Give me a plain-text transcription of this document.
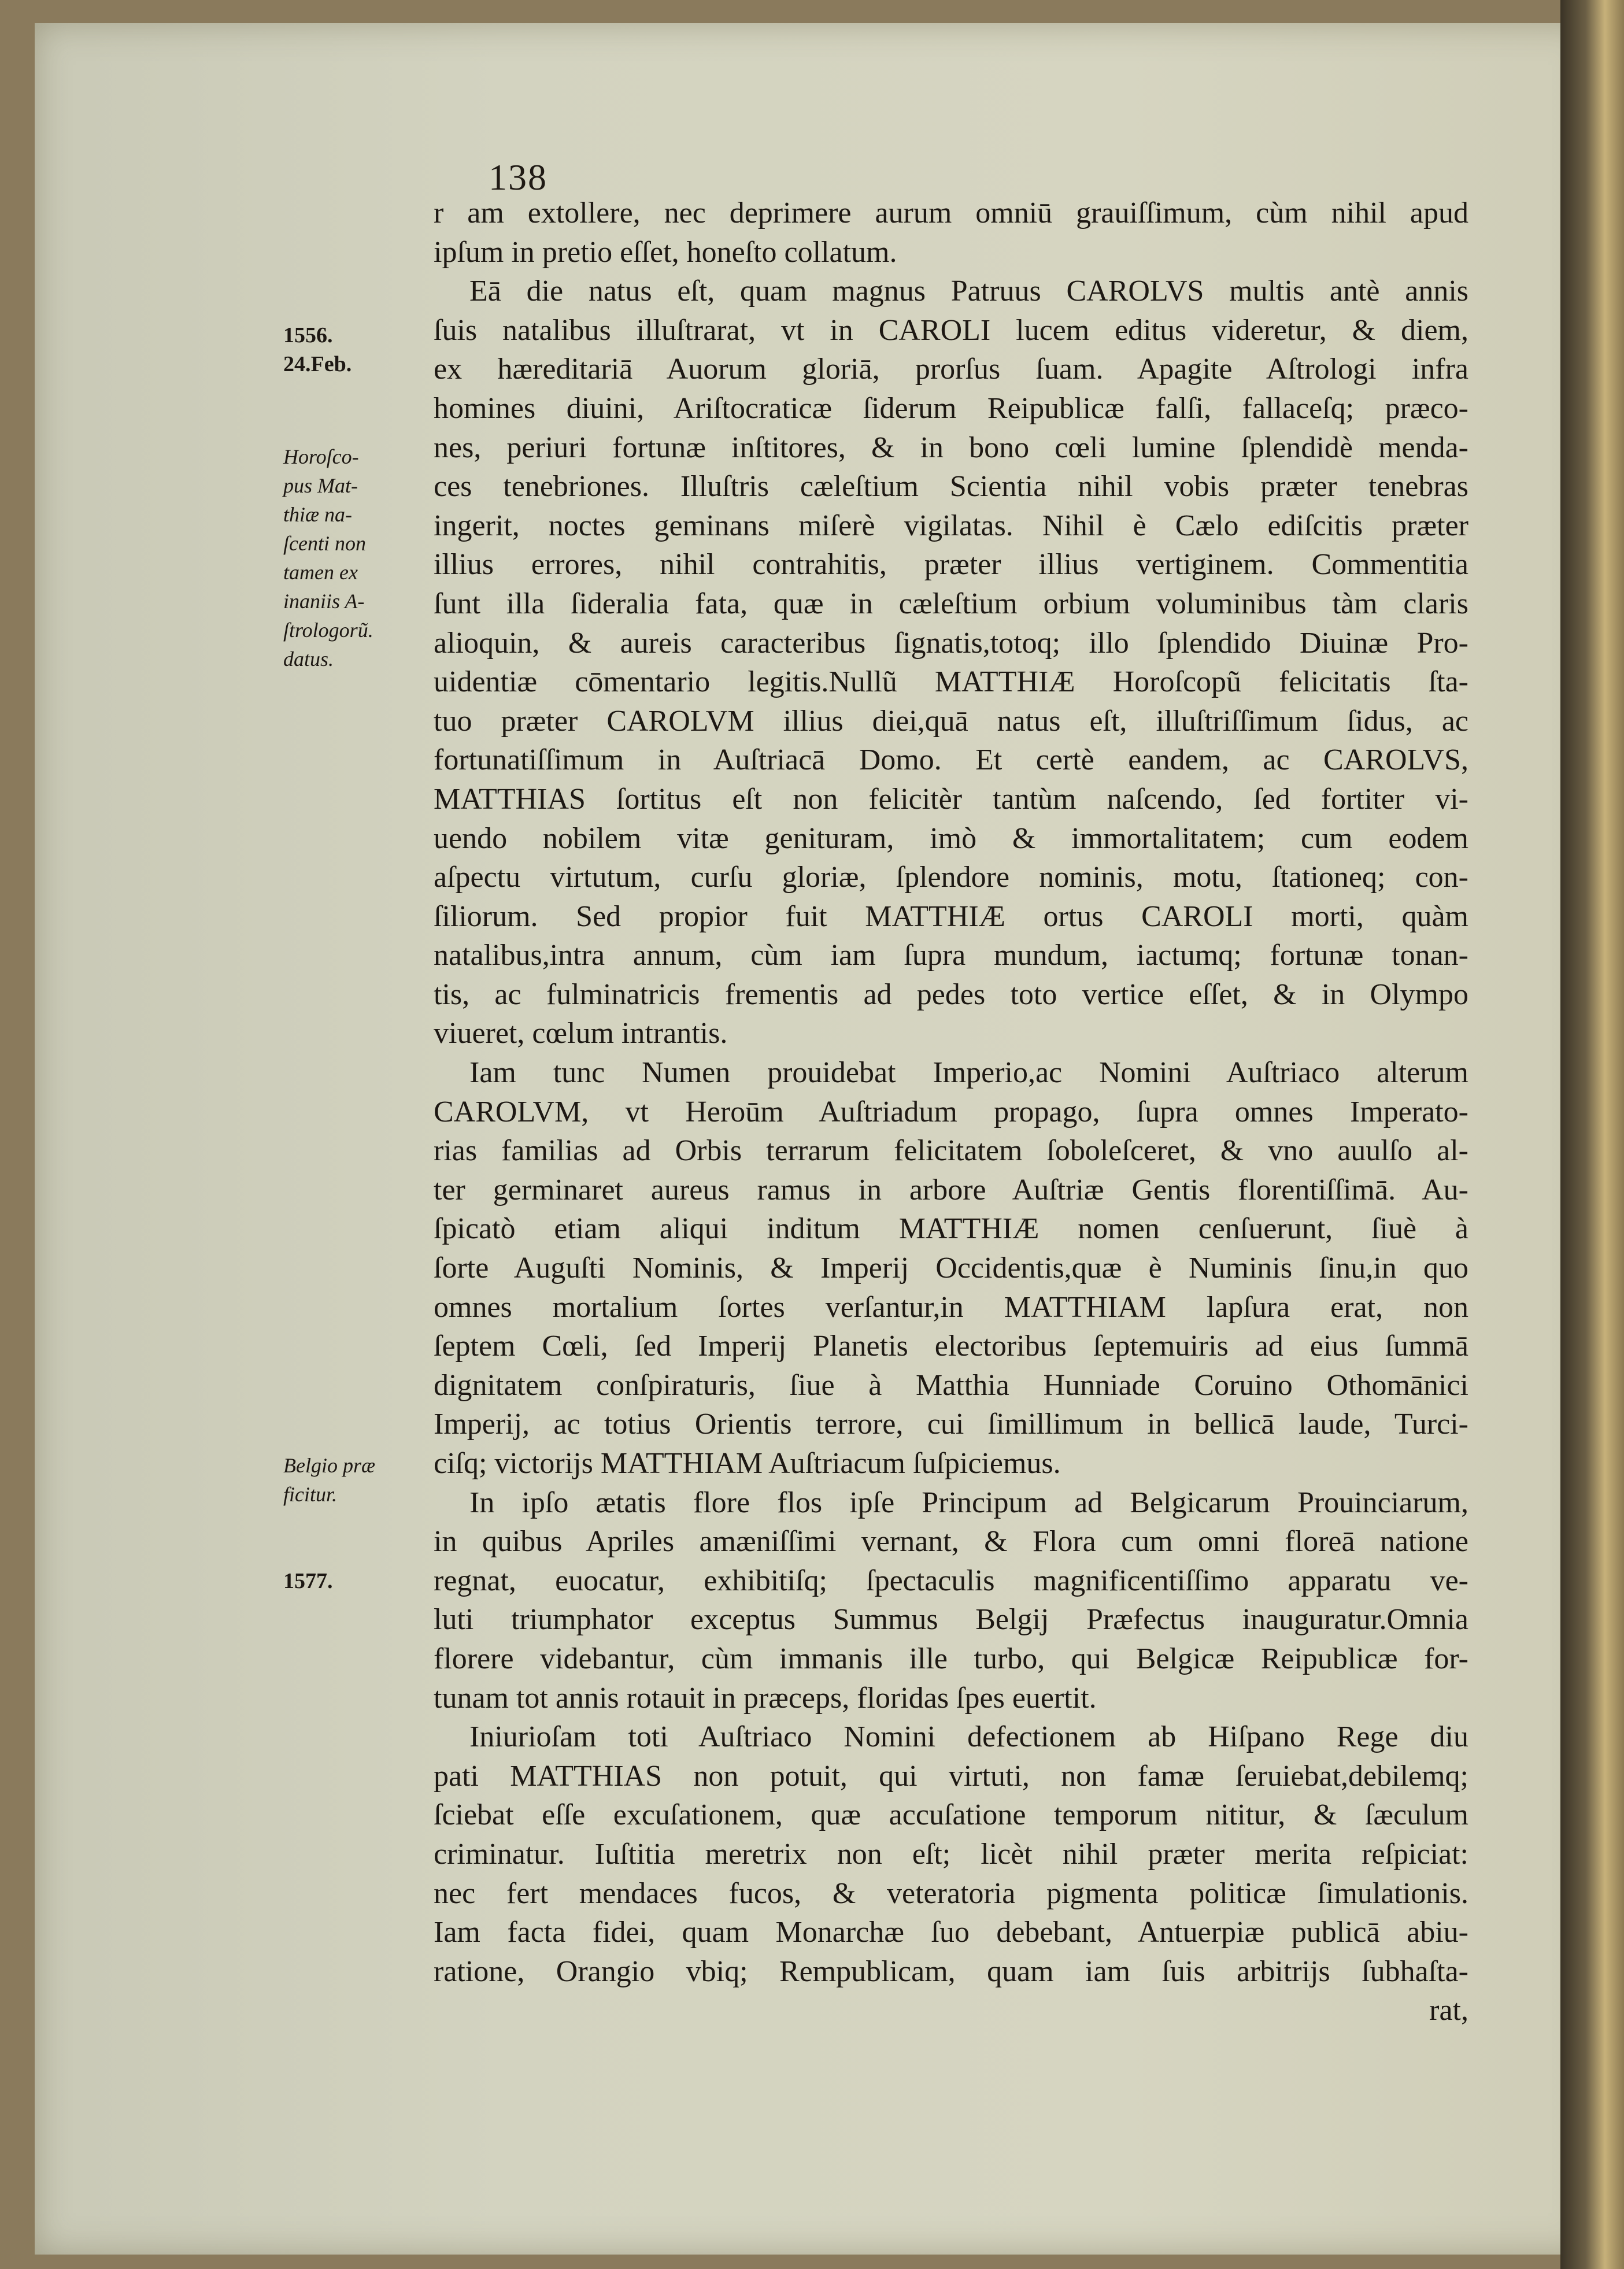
138
1556.
24.Feb.
Horoſco-
pus Mat-
thiæ na-
ſcenti non
tamen ex
inaniis A-
ſtrologorũ.
datus.
Belgio præ
ficitur.
1577.
r am extollere, nec deprimere aurum omniū grauiſſimum, cùm nihil apud
ipſum in pretio eſſet, honeſto collatum.
Eā die natus eſt, quam magnus Patruus CAROLVS multis antè annis
ſuis natalibus illuſtrarat, vt in CAROLI lucem editus videretur, & diem,
ex hæreditariā Auorum gloriā, prorſus ſuam. Apagite Aſtrologi infra
homines diuini, Ariſtocraticæ ſiderum Reipublicæ falſi, fallaceſq; præco-
nes, periuri fortunæ inſtitores, & in bono cœli lumine ſplendidè menda-
ces tenebriones. Illuſtris cæleſtium Scientia nihil vobis præter tenebras
ingerit, noctes geminans miſerè vigilatas. Nihil è Cælo ediſcitis præter
illius errores, nihil contrahitis, præter illius vertiginem. Commentitia
ſunt illa ſideralia fata, quæ in cæleſtium orbium voluminibus tàm claris
alioquin, & aureis caracteribus ſignatis,totoq; illo ſplendido Diuinæ Pro-
uidentiæ cōmentario legitis.Nullũ MATTHIÆ Horoſcopũ felicitatis ſta-
tuo præter CAROLVM illius diei,quā natus eſt, illuſtriſſimum ſidus, ac
fortunatiſſimum in Auſtriacā Domo. Et certè eandem, ac CAROLVS,
MATTHIAS ſortitus eſt non felicitèr tantùm naſcendo, ſed fortiter vi-
uendo nobilem vitæ genituram, imò & immortalitatem; cum eodem
aſpectu virtutum, curſu gloriæ, ſplendore nominis, motu, ſtationeq; con-
ſiliorum. Sed propior fuit MATTHIÆ ortus CAROLI morti, quàm
natalibus,intra annum, cùm iam ſupra mundum, iactumq; fortunæ tonan-
tis, ac fulminatricis frementis ad pedes toto vertice eſſet, & in Olympo
viueret, cœlum intrantis.
Iam tunc Numen prouidebat Imperio,ac Nomini Auſtriaco alterum
CAROLVM, vt Heroūm Auſtriadum propago, ſupra omnes Imperato-
rias familias ad Orbis terrarum felicitatem ſoboleſceret, & vno auulſo al-
ter germinaret aureus ramus in arbore Auſtriæ Gentis florentiſſimā. Au-
ſpicatò etiam aliqui inditum MATTHIÆ nomen cenſuerunt, ſiuè à
ſorte Auguſti Nominis, & Imperij Occidentis,quæ è Numinis ſinu,in quo
omnes mortalium ſortes verſantur,in MATTHIAM lapſura erat, non
ſeptem Cœli, ſed Imperij Planetis electoribus ſeptemuiris ad eius ſummā
dignitatem conſpiraturis, ſiue à Matthia Hunniade Coruino Othomānici
Imperij, ac totius Orientis terrore, cui ſimillimum in bellicā laude, Turci-
ciſq; victorijs MATTHIAM Auſtriacum ſuſpiciemus.
In ipſo ætatis flore flos ipſe Principum ad Belgicarum Prouinciarum,
in quibus Apriles amæniſſimi vernant, & Flora cum omni floreā natione
regnat, euocatur, exhibitiſq; ſpectaculis magnificentiſſimo apparatu ve-
luti triumphator exceptus Summus Belgij Præfectus inauguratur.Omnia
florere videbantur, cùm immanis ille turbo, qui Belgicæ Reipublicæ for-
tunam tot annis rotauit in præceps, floridas ſpes euertit.
Iniurioſam toti Auſtriaco Nomini defectionem ab Hiſpano Rege diu
pati MATTHIAS non potuit, qui virtuti, non famæ ſeruiebat,debilemq;
ſciebat eſſe excuſationem, quæ accuſatione temporum nititur, & ſæculum
criminatur. Iuſtitia meretrix non eſt; licèt nihil præter merita reſpiciat:
nec fert mendaces fucos, & veteratoria pigmenta politicæ ſimulationis.
Iam facta fidei, quam Monarchæ ſuo debebant, Antuerpiæ publicā abiu-
ratione, Orangio vbiq; Rempublicam, quam iam ſuis arbitrijs ſubhaſta-
rat,
